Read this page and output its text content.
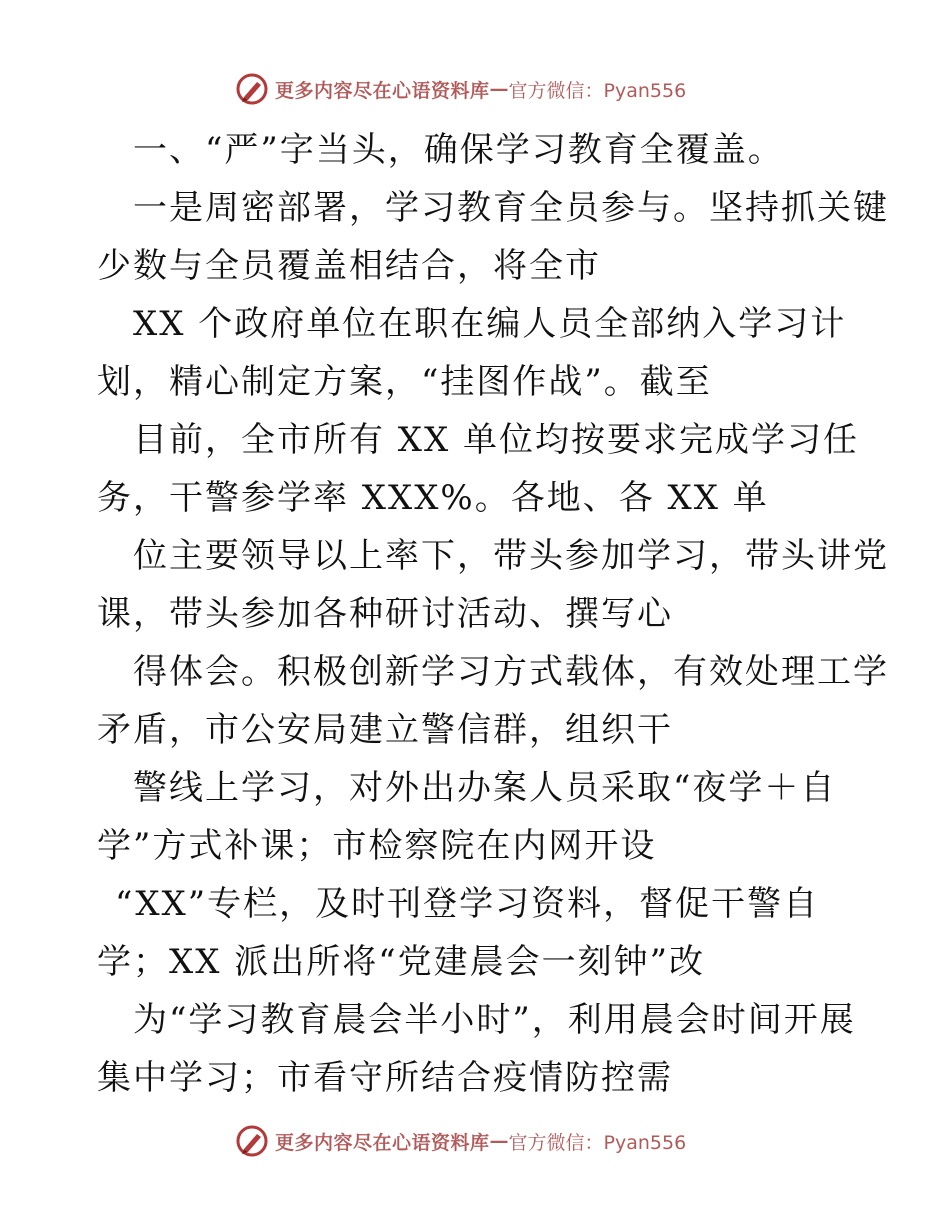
更多内容尽在心语资料库 — 官方微信：Pyan556
一、“严”字当头，确保学习教育全覆盖。
一是周密部署，学习教育全员参与。坚持抓关键
少数与全员覆盖相结合，将全市
XX 个政府单位在职在编人员全部纳入学习计
划，精心制定方案，“挂图作战”。截至
目前，全市所有 XX 单位均按要求完成学习任
务，干警参学率 XXX%。各地、各 XX 单
位主要领导以上率下，带头参加学习，带头讲党
课，带头参加各种研讨活动、撰写心
得体会。积极创新学习方式载体，有效处理工学
矛盾，市公安局建立警信群，组织干
警线上学习，对外出办案人员采取“夜学＋自
学”方式补课；市检察院在内网开设
“XX”专栏，及时刊登学习资料，督促干警自
学；XX 派出所将“党建晨会一刻钟”改
为“学习教育晨会半小时”，利用晨会时间开展
集中学习；市看守所结合疫情防控需
更多内容尽在心语资料库 — 官方微信：Pyan556
